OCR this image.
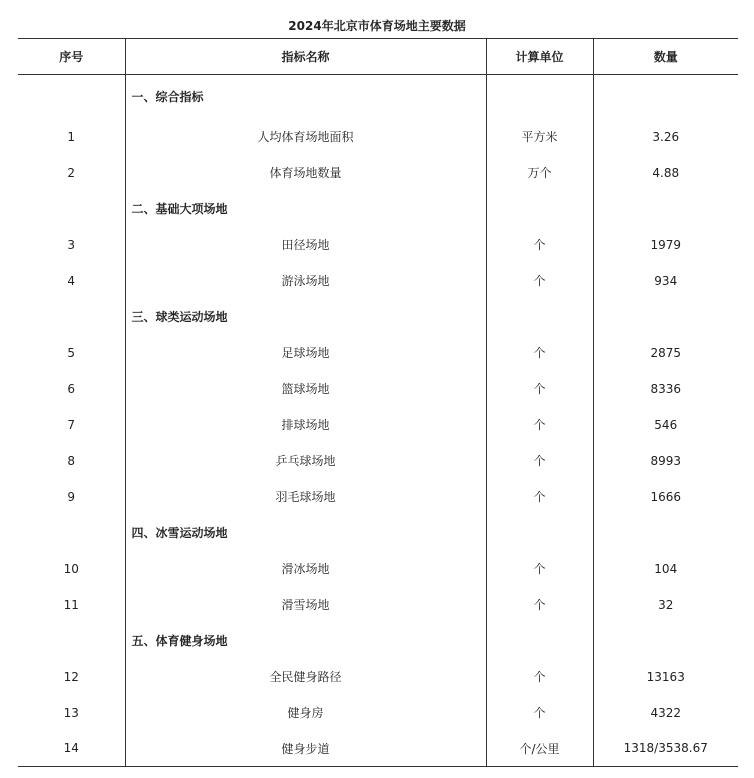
2024年北京市体育场地主要数据
序号	指标名称	计算单位	数量
	一、综合指标		
1	人均体育场地面积	平方米	3.26
2	体育场地数量	万个	4.88
	二、基础大项场地		
3	田径场地	个	1979
4	游泳场地	个	934
	三、球类运动场地		
5	足球场地	个	2875
6	篮球场地	个	8336
7	排球场地	个	546
8	乒乓球场地	个	8993
9	羽毛球场地	个	1666
	四、冰雪运动场地		
10	滑冰场地	个	104
11	滑雪场地	个	32
	五、体育健身场地		
12	全民健身路径	个	13163
13	健身房	个	4322
14	健身步道	个/公里	1318/3538.67
